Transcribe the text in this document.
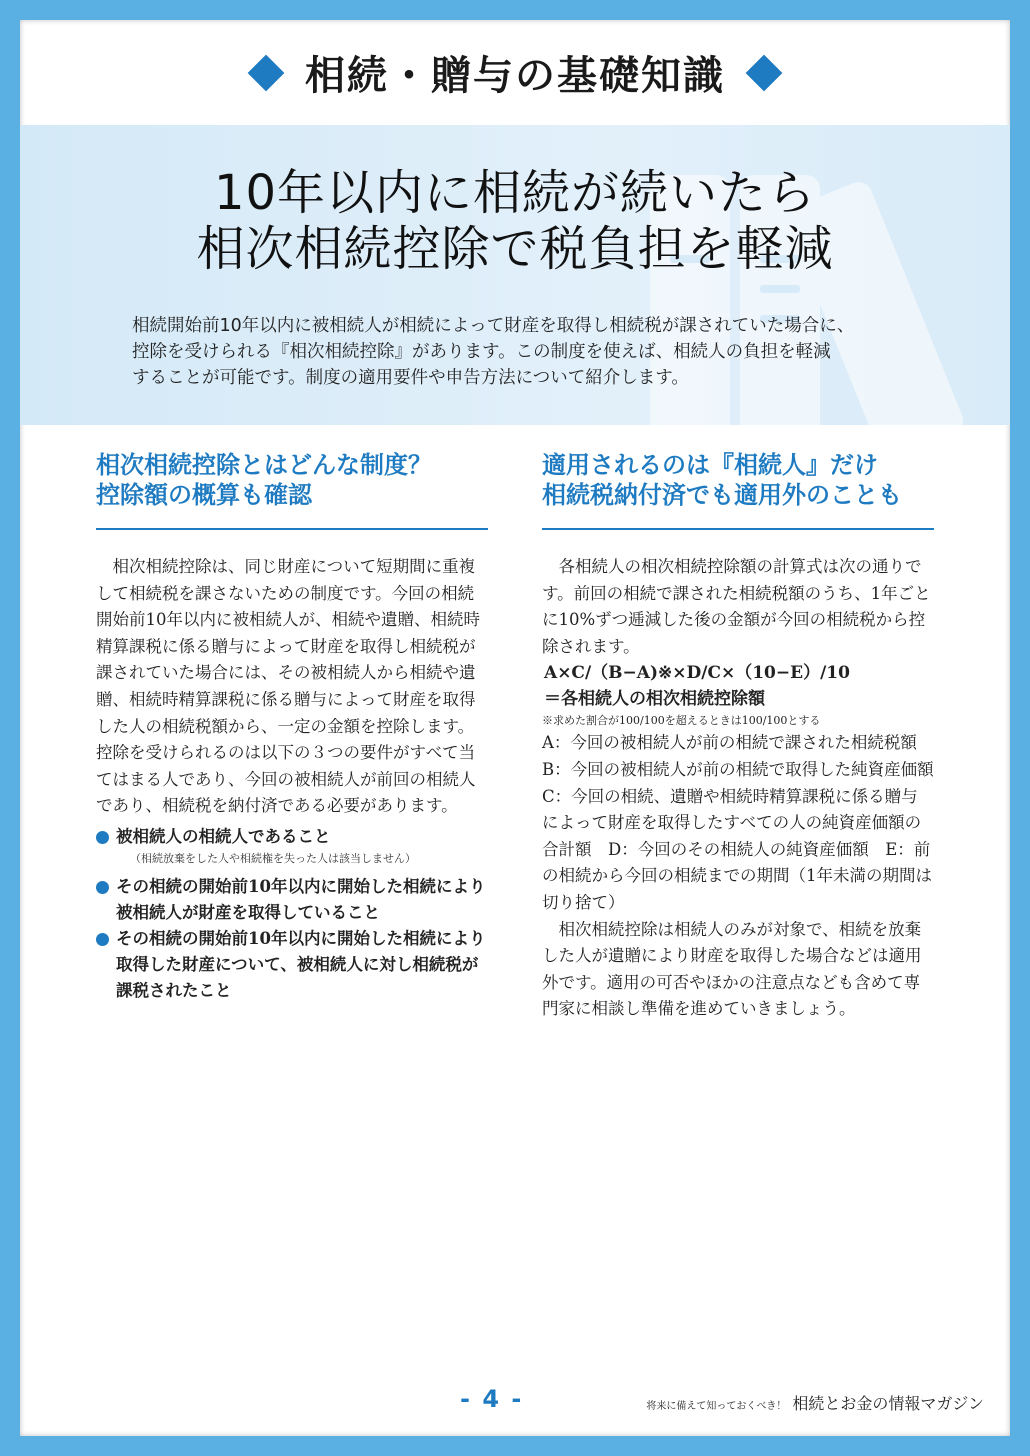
相続・贈与の基礎知識
10年以内に相続が続いたら
相次相続控除で税負担を軽減
相続開始前10年以内に被相続人が相続によって財産を取得し相続税が課されていた場合に、
控除を受けられる『相次相続控除』があります。この制度を使えば、相続人の負担を軽減
することが可能です。制度の適用要件や申告方法について紹介します。
相次相続控除とはどんな制度？
控除額の概算も確認

相次相続控除は、同じ財産について短期間に重複して相続税を課さないための制度です。今回の相続開始前10年以内に被相続人が、相続や遺贈、相続時精算課税に係る贈与によって財産を取得し相続税が課されていた場合には、その被相続人から相続や遺贈、相続時精算課税に係る贈与によって財産を取得した人の相続税額から、一定の金額を控除します。控除を受けられるのは以下の３つの要件がすべて当てはまる人であり、今回の被相続人が前回の相続人であり、相続税を納付済である必要があります。

被相続人の相続人であること
（相続放棄をした人や相続権を失った人は該当しません）
その相続の開始前10年以内に開始した相続により被相続人が財産を取得していること
その相続の開始前10年以内に開始した相続により取得した財産について、被相続人に対し相続税が課税されたこと
適用されるのは『相続人』だけ
相続税納付済でも適用外のことも

各相続人の相次相続控除額の計算式は次の通りです。前回の相続で課された相続税額のうち、1年ごとに10%ずつ逓減した後の金額が今回の相続税から控除されます。

A×C/（B−A)※×D/C×（10−E）/10

＝各相続人の相次相続控除額

※求めた割合が100/100を超えるときは100/100とする

A：今回の被相続人が前の相続で課された相続税額　B：今回の被相続人が前の相続で取得した純資産価額　　C：今回の相続、遺贈や相続時精算課税に係る贈与によって財産を取得したすべての人の純資産価額の合計額　D：今回のその相続人の純資産価額　E：前の相続から今回の相続までの期間（1年未満の期間は切り捨て）

相次相続控除は相続人のみが対象で、相続を放棄した人が遺贈により財産を取得した場合などは適用外です。適用の可否やほかの注意点なども含めて専門家に相談し準備を進めていきましょう。

- 4 -	将来に備えて知っておくべき！ 相続とお金の情報マガジン
